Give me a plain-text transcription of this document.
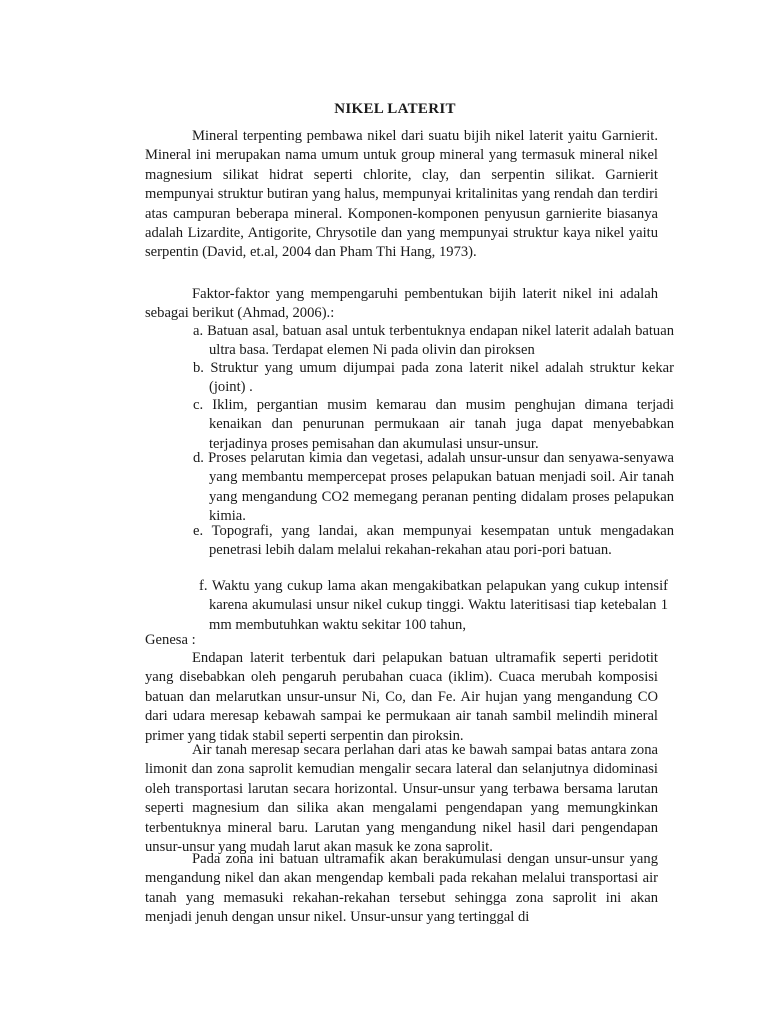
NIKEL LATERIT

Mineral terpenting pembawa nikel dari suatu bijih nikel laterit yaitu Garnierit. Mineral ini merupakan nama umum untuk group mineral yang termasuk mineral nikel magnesium silikat hidrat seperti chlorite, clay, dan serpentin silikat. Garnierit mempunyai struktur butiran yang halus, mempunyai kritalinitas yang rendah dan terdiri atas campuran beberapa mineral. Komponen-komponen penyusun garnierite biasanya adalah Lizardite, Antigorite, Chrysotile dan yang mempunyai struktur kaya nikel yaitu serpentin (David, et.al, 2004 dan Pham Thi Hang, 1973).

Faktor-faktor yang mempengaruhi pembentukan bijih laterit nikel ini adalah sebagai berikut (Ahmad, 2006).:

a. Batuan asal, batuan asal untuk terbentuknya endapan nikel laterit adalah batuan ultra basa. Terdapat elemen Ni pada olivin dan piroksen

b. Struktur yang umum dijumpai pada zona laterit nikel adalah struktur kekar (joint) .

c. Iklim, pergantian musim kemarau dan musim penghujan dimana terjadi kenaikan dan penurunan permukaan air tanah juga dapat menyebabkan terjadinya proses pemisahan dan akumulasi unsur-unsur.

d. Proses pelarutan kimia dan vegetasi, adalah unsur-unsur dan senyawa-senyawa yang membantu mempercepat proses pelapukan batuan menjadi soil. Air tanah yang mengandung CO2 memegang peranan penting didalam proses pelapukan kimia.

e. Topografi, yang landai, akan mempunyai kesempatan untuk mengadakan penetrasi lebih dalam melalui rekahan-rekahan atau pori-pori batuan.

f. Waktu yang cukup lama akan mengakibatkan pelapukan yang cukup intensif karena akumulasi unsur nikel cukup tinggi. Waktu lateritisasi tiap ketebalan 1 mm membutuhkan waktu sekitar 100 tahun,

Genesa :

Endapan laterit terbentuk dari pelapukan batuan ultramafik seperti peridotit yang disebabkan oleh pengaruh perubahan cuaca (iklim). Cuaca merubah komposisi batuan dan melarutkan unsur-unsur Ni, Co, dan Fe. Air hujan yang mengandung CO dari udara meresap kebawah sampai ke permukaan air tanah sambil melindih mineral primer yang tidak stabil seperti serpentin dan piroksin.

Air tanah meresap secara perlahan dari atas ke bawah sampai batas antara zona limonit dan zona saprolit kemudian mengalir secara lateral dan selanjutnya didominasi oleh transportasi larutan secara horizontal. Unsur-unsur yang terbawa bersama larutan seperti magnesium dan silika akan mengalami pengendapan yang memungkinkan terbentuknya mineral baru. Larutan yang mengandung nikel hasil dari pengendapan unsur-unsur yang mudah larut akan masuk ke zona saprolit.

Pada zona ini batuan ultramafik akan berakumulasi dengan unsur-unsur yang mengandung nikel dan akan mengendap kembali pada rekahan melalui transportasi air tanah yang memasuki rekahan-rekahan tersebut sehingga zona saprolit ini akan menjadi jenuh dengan unsur nikel. Unsur-unsur yang tertinggal di
